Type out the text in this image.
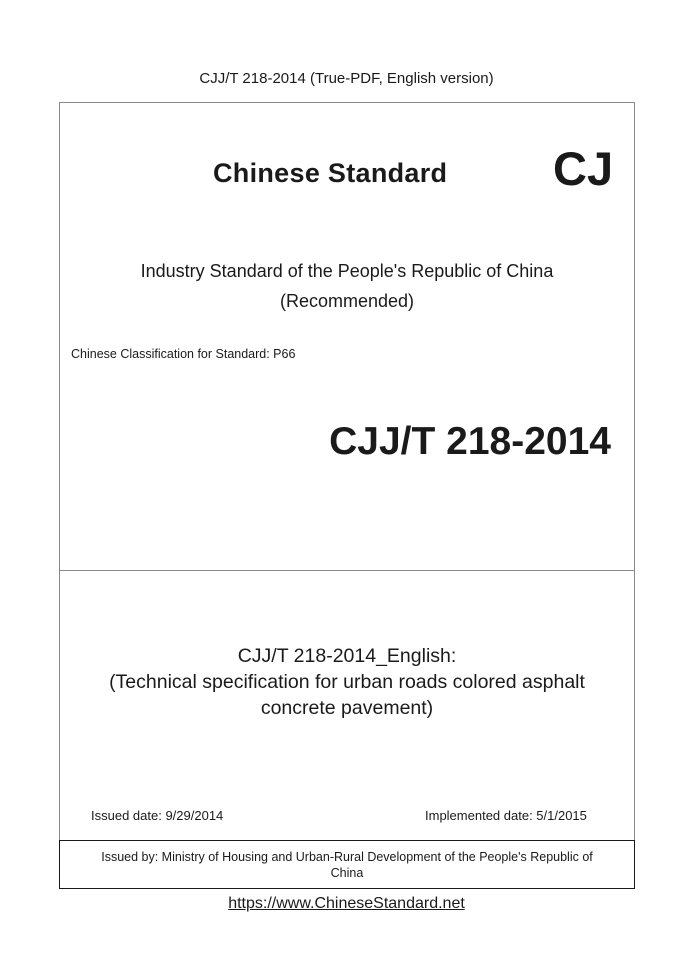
CJJ/T 218-2014 (True-PDF, English version)
Chinese Standard CJ
Industry Standard of the People's Republic of China
(Recommended)
Chinese Classification for Standard: P66
CJJ/T 218-2014
CJJ/T 218-2014_English:
(Technical specification for urban roads colored asphalt
concrete pavement)
Issued date: 9/29/2014	Implemented date: 5/1/2015
Issued by: Ministry of Housing and Urban-Rural Development of the People's Republic of
China
https://www.ChineseStandard.net
